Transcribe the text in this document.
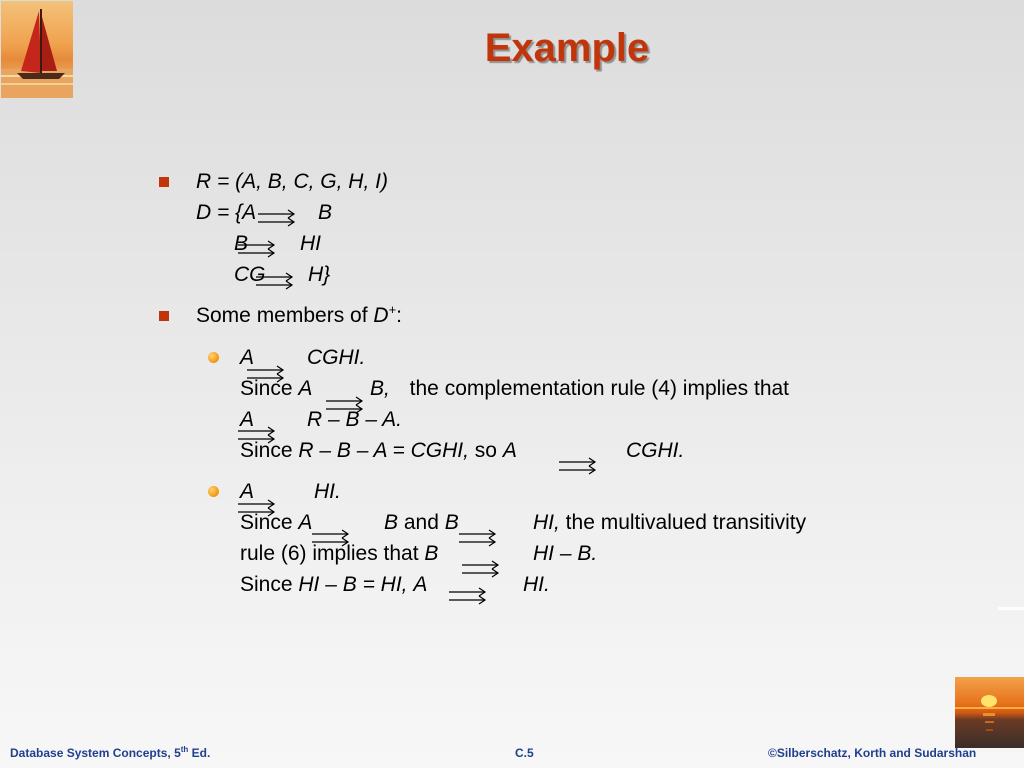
Example
R = (A, B, C, G, H, I)
D = {A	B
B HI
CG H}
Some members of D+:
A	CGHI.
Since A	B, the complementation rule (4) implies that
A	R – B – A.
Since R – B – A = CGHI, so A	CGHI.
A	HI.
Since A	B and B	HI, the multivalued transitivity
rule (6) implies that B	HI – B.
Since HI – B = HI, A	HI.
Database System Concepts, 5th Ed.	C.5	©Silberschatz, Korth and Sudarshan
